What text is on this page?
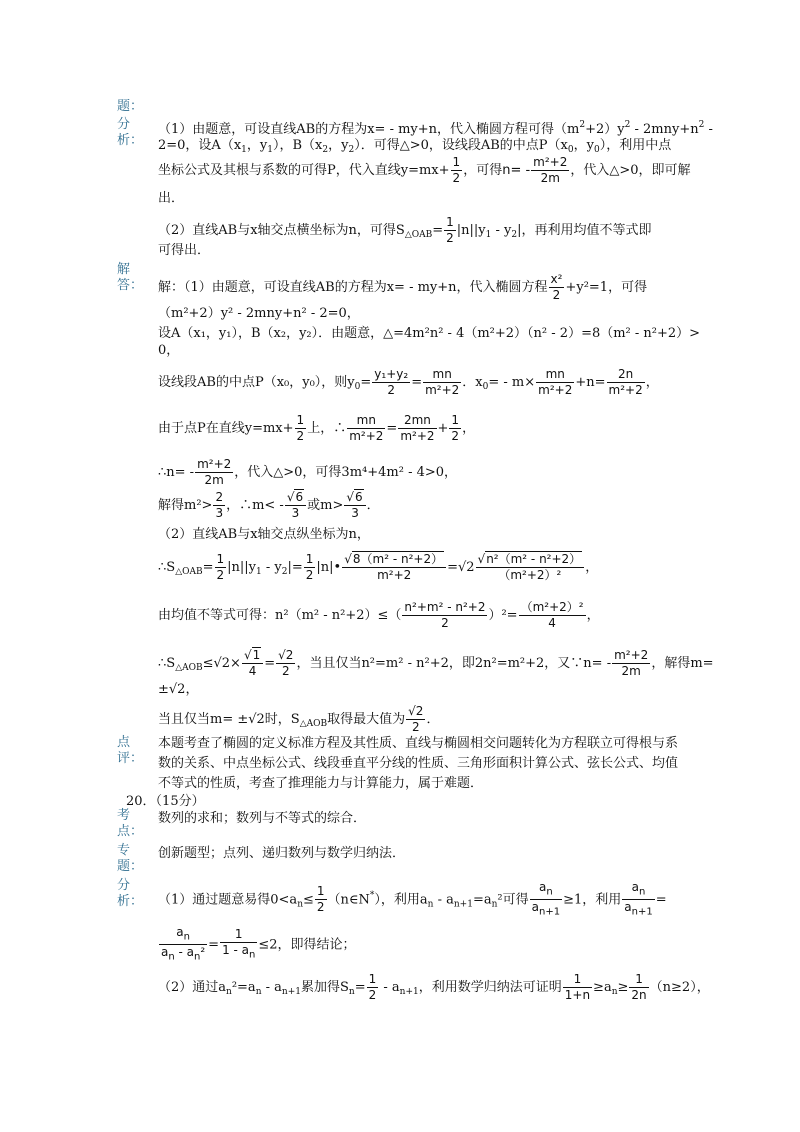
题：
分
析：
解
答：
点
评：
考
点：
专
题：
分
析：
（1）由题意，可设直线AB的方程为x= - my+n，代入椭圆方程可得$(m^2+2)y^2 - 2mny+n^2$ -
2=0，设$A(x_1$，$y_1$），$B(x_2$，$y_2$）．可得△>0，设线段AB的中点$P(x_0$，$y_0$），利用中点
坐标公式及其根与系数的可得P，代入直线$y=mx+ \frac{1}{2}$ ，可得$n= - \frac{\text{m²+2}}{2m}$ ，代入△>0，即可解
出．
（2）直线AB与x轴交点横坐标为n，可得$S_{\triangle OAB}= \frac{1}{2} |n||y_1 - y_2|$，再利用均值不等式即
可得出．
解：（1）由题意，可设直线AB的方程为x= - my+n，代入椭圆方程 $\frac{\text{x²}}{2} +y^2=1$，可得
（m²+2）y² - 2mny+n² - 2=0，
设A（x₁，y₁），B（x₂，y₂）．由题意，△=4m²n² - 4（m²+2）（n² - 2）=8（m² - n²+2）>
0，
设线段AB的中点P（x₀，y₀），则$y_0= \frac{\text{y₁+y₂}}{2} = \frac{mn}{\text{m²+2}}$ ．$x_0= - m\times \frac{mn}{\text{m²+2}} +n= \frac{2n}{\text{m²+2}}$ ，
由于点P在直线$y=mx+ \frac{1}{2}$ 上，∴ $\frac{mn}{\text{m²+2}} = \frac{2mn}{\text{m²+2}} + \frac{1}{2}$ ，
∴n= - $\frac{\text{m²+2}}{2m}$ ，代入△>0，可得3m⁴+4m² - 4>0，
解得$m^2> \frac{2}{3}$ ，∴m< - $\frac{√6}{3}$ 或$m> \frac{√6}{3}$ ．
（2）直线AB与x轴交点纵坐标为n，
$\therefore S_{\triangle OAB}= \frac{1}{2} |n||y_1 - y_2|= \frac{1}{2}$ |n|• $\frac{\text{√8（m² - n²+2）}}{\text{m²+2}} =√2 \frac{\text{√n²（m² - n²+2）}}{\text{（m²+2）²}}$ ，
由均值不等式可得：$n^2(m^2 - n^2+2)\le( \frac{\text{n²+m² - n²+2}}{2} )^2= \frac{\text{（m²+2）²}}{4}$ ，
$\therefore S_{\triangle AOB}\le√2\times \frac{√1}{4} = \frac{√2}{2}$ ，当且仅当n²=m² - n²+2，即2n²=m²+2，又∵n= - $\frac{\text{m²+2}}{2m}$ ，解得m=
±√2，
当且仅当m= ±√2时，$S_{\triangle AOB}$取得最大值为 $\frac{√2}{2}$ ．
本题考查了椭圆的定义标准方程及其性质、直线与椭圆相交问题转化为方程联立可得根与系
数的关系、中点坐标公式、线段垂直平分线的性质、三角形面积计算公式、弦长公式、均值
不等式的性质，考查了推理能力与计算能力，属于难题．
20．（15分）
数列的求和；数列与不等式的综合．
创新题型；点列、递归数列与数学归纳法．
（1）通过题意易得$0<a_n\le \frac{1}{2}$ （n∈N*），利用$a_n - a_{n+1}=a_n^2$可得 $\frac{a_n}{a_{n+1}} \ge 1$，利用 $\frac{a_n}{a_{n+1}}$ =
$\frac{a_n}{a_n - a_n^2} = \frac{1}{1 - a_n} \le 2$，即得结论；
（2）通过$a_n^2=a_n - a_{n+1}$累加得$S_n= \frac{1}{2} - a_{n+1}$，利用数学归纳法可证明 $\frac{1}{1+n} \ge a_n\ge \frac{1}{2n} (n\ge 2)$，
